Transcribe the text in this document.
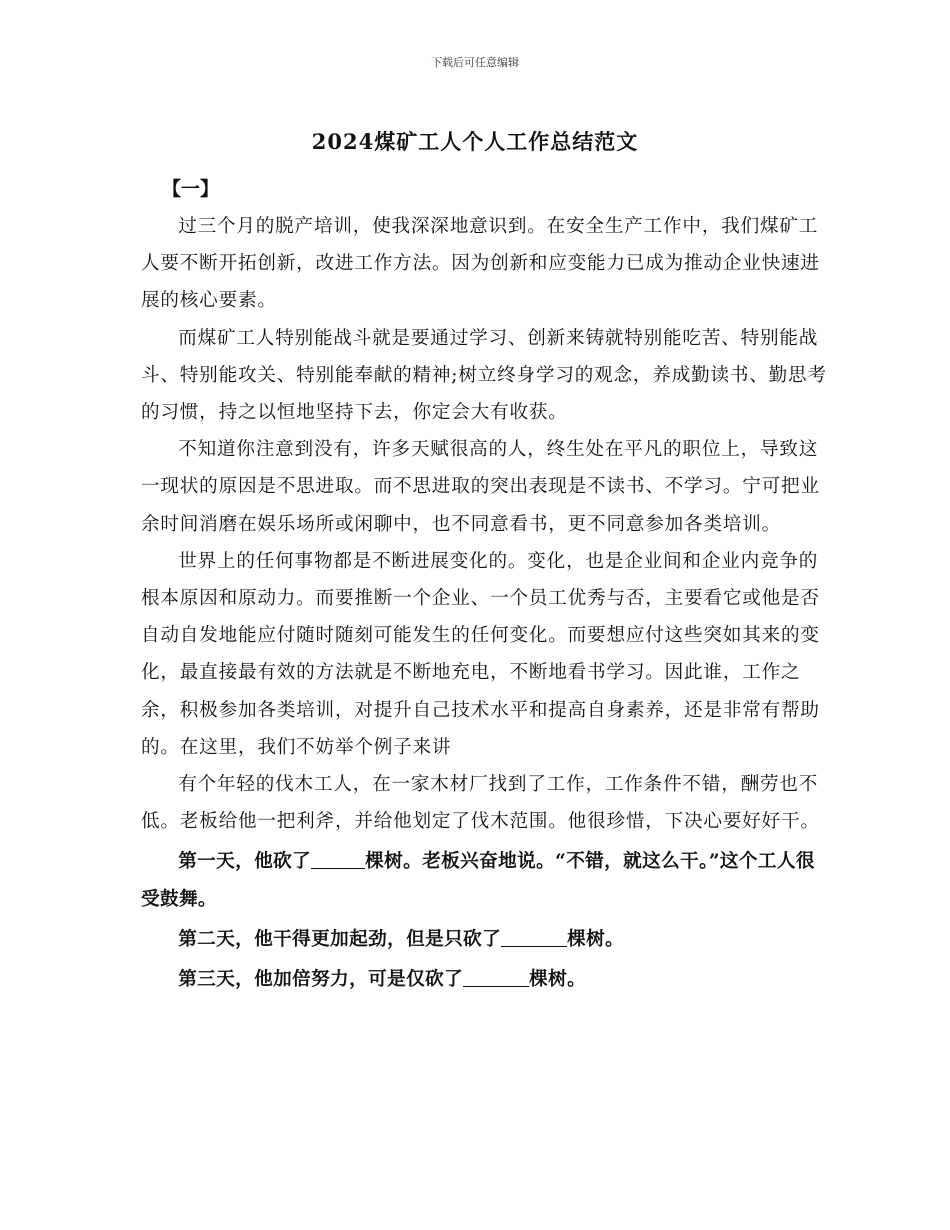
下载后可任意编辑
2024煤矿工人个人工作总结范文
【一】

过三个月的脱产培训，使我深深地意识到。在安全生产工作中，我们煤矿工人要不断开拓创新，改进工作方法。因为创新和应变能力已成为推动企业快速进展的核心要素。

而煤矿工人特别能战斗就是要通过学习、创新来铸就特别能吃苦、特别能战斗、特别能攻关、特别能奉献的精神;树立终身学习的观念，养成勤读书、勤思考的习惯，持之以恒地坚持下去，你定会大有收获。

不知道你注意到没有，许多天赋很高的人，终生处在平凡的职位上，导致这一现状的原因是不思进取。而不思进取的突出表现是不读书、不学习。宁可把业余时间消磨在娱乐场所或闲聊中，也不同意看书，更不同意参加各类培训。

世界上的任何事物都是不断进展变化的。变化，也是企业间和企业内竞争的根本原因和原动力。而要推断一个企业、一个员工优秀与否，主要看它或他是否自动自发地能应付随时随刻可能发生的任何变化。而要想应付这些突如其来的变化，最直接最有效的方法就是不断地充电，不断地看书学习。因此谁，工作之余，积极参加各类培训，对提升自己技术水平和提高自身素养，还是非常有帮助的。在这里，我们不妨举个例子来讲

有个年轻的伐木工人，在一家木材厂找到了工作，工作条件不错，酬劳也不低。老板给他一把利斧，并给他划定了伐木范围。他很珍惜，下决心要好好干。

第一天，他砍了	棵树。老板兴奋地说。“不错，就这么干。”这个工人很受鼓舞。

第二天，他干得更加起劲，但是只砍了	棵树。

第三天，他加倍努力，可是仅砍了	棵树。
